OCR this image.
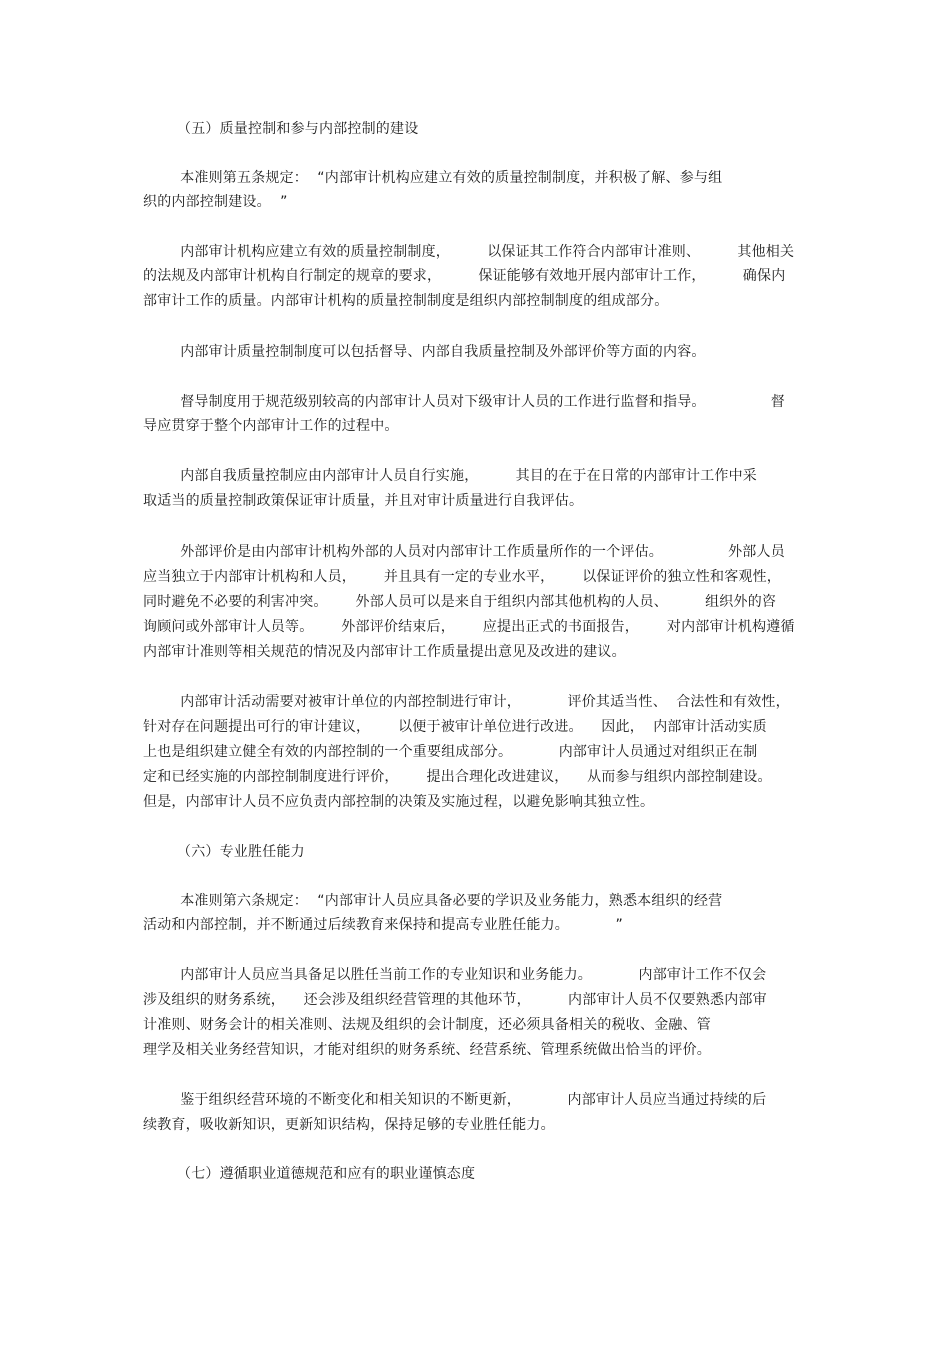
（五）质量控制和参与内部控制的建设
本准则第五条规定：  “内部审计机构应建立有效的质量控制制度，并积极了解、参与组
织的内部控制建设。  ”
内部审计机构应建立有效的质量控制制度，        以保证其工作符合内部审计准则、        其他相关
的法规及内部审计机构自行制定的规章的要求，        保证能够有效地开展内部审计工作，        确保内
部审计工作的质量。内部审计机构的质量控制制度是组织内部控制制度的组成部分。
内部审计质量控制制度可以包括督导、内部自我质量控制及外部评价等方面的内容。
督导制度用于规范级别较高的内部审计人员对下级审计人员的工作进行监督和指导。              督
导应贯穿于整个内部审计工作的过程中。
内部自我质量控制应由内部审计人员自行实施，        其目的在于在日常的内部审计工作中采
取适当的质量控制政策保证审计质量，并且对审计质量进行自我评估。
外部评价是由内部审计机构外部的人员对内部审计工作质量所作的一个评估。              外部人员
应当独立于内部审计机构和人员，      并且具有一定的专业水平，      以保证评价的独立性和客观性，
同时避免不必要的利害冲突。      外部人员可以是来自于组织内部其他机构的人员、        组织外的咨
询顾问或外部审计人员等。      外部评价结束后，      应提出正式的书面报告，      对内部审计机构遵循
内部审计准则等相关规范的情况及内部审计工作质量提出意见及改进的建议。
内部审计活动需要对被审计单位的内部控制进行审计，          评价其适当性、  合法性和有效性，
针对存在问题提出可行的审计建议，      以便于被审计单位进行改进。    因此，  内部审计活动实质
上也是组织建立健全有效的内部控制的一个重要组成部分。          内部审计人员通过对组织正在制
定和已经实施的内部控制制度进行评价，      提出合理化改进建议，    从而参与组织内部控制建设。
但是，内部审计人员不应负责内部控制的决策及实施过程，以避免影响其独立性。
（六）专业胜任能力
本准则第六条规定：  “内部审计人员应具备必要的学识及业务能力，熟悉本组织的经营
活动和内部控制，并不断通过后续教育来保持和提高专业胜任能力。          ”
内部审计人员应当具备足以胜任当前工作的专业知识和业务能力。          内部审计工作不仅会
涉及组织的财务系统，    还会涉及组织经营管理的其他环节，        内部审计人员不仅要熟悉内部审
计准则、财务会计的相关准则、法规及组织的会计制度，还必须具备相关的税收、金融、管
理学及相关业务经营知识，才能对组织的财务系统、经营系统、管理系统做出恰当的评价。
鉴于组织经营环境的不断变化和相关知识的不断更新，          内部审计人员应当通过持续的后
续教育，吸收新知识，更新知识结构，保持足够的专业胜任能力。
（七）遵循职业道德规范和应有的职业谨慎态度
